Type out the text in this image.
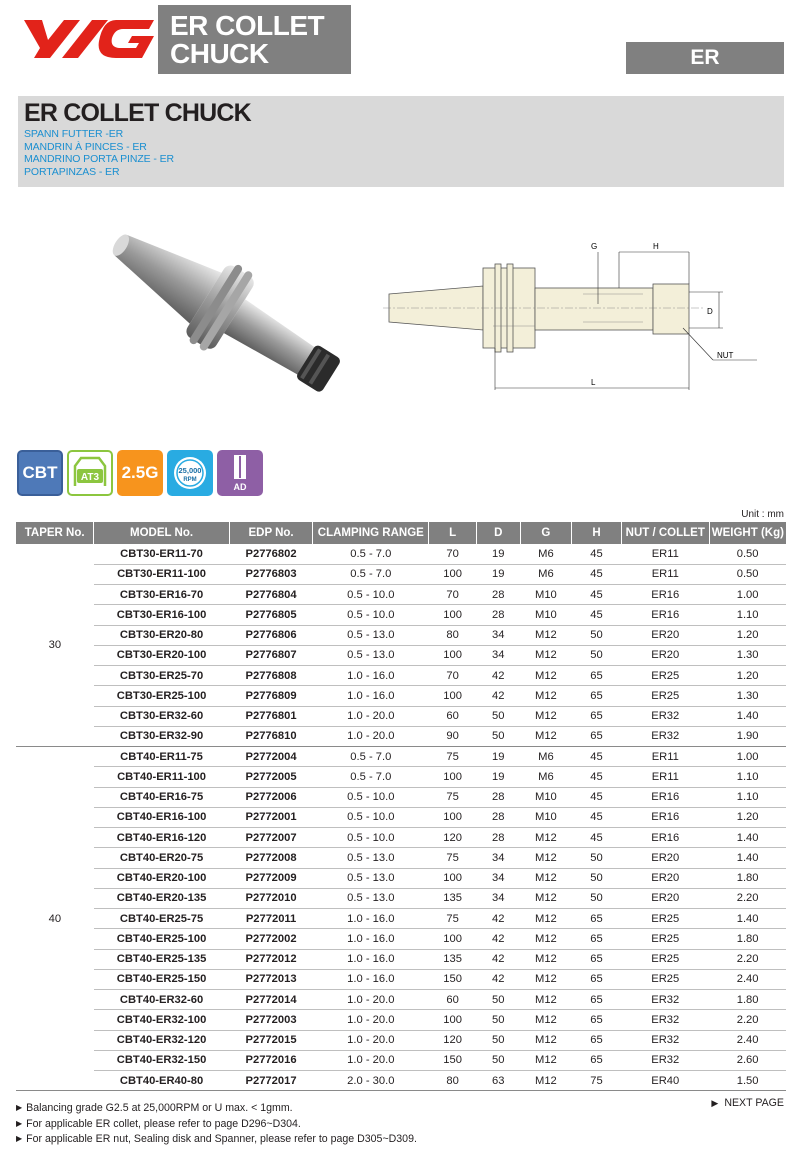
ER COLLET
CHUCK	ER
ER COLLET CHUCK
SPANN FUTTER -ER
MANDRIN À PINCES - ER
MANDRINO PORTA PINZE - ER
PORTAPINZAS - ER
G	H
D
L
NUT
CBT AT3 2.5G	25,000
RPM
AD
Unit : mm
TAPER No.	MODEL No.	EDP No.	CLAMPING RANGE	L	D	G	H	NUT / COLLET	WEIGHT (Kg)
30	CBT30-ER11-70	P2776802	0.5 - 7.0	70	19	M6	45	ER11	0.50
	CBT30-ER11-100	P2776803	0.5 - 7.0	100	19	M6	45	ER11	0.50
	CBT30-ER16-70	P2776804	0.5 - 10.0	70	28	M10	45	ER16	1.00
	CBT30-ER16-100	P2776805	0.5 - 10.0	100	28	M10	45	ER16	1.10
	CBT30-ER20-80	P2776806	0.5 - 13.0	80	34	M12	50	ER20	1.20
	CBT30-ER20-100	P2776807	0.5 - 13.0	100	34	M12	50	ER20	1.30
	CBT30-ER25-70	P2776808	1.0 - 16.0	70	42	M12	65	ER25	1.20
	CBT30-ER25-100	P2776809	1.0 - 16.0	100	42	M12	65	ER25	1.30
	CBT30-ER32-60	P2776801	1.0 - 20.0	60	50	M12	65	ER32	1.40
	CBT30-ER32-90	P2776810	1.0 - 20.0	90	50	M12	65	ER32	1.90
40	CBT40-ER11-75	P2772004	0.5 - 7.0	75	19	M6	45	ER11	1.00
	CBT40-ER11-100	P2772005	0.5 - 7.0	100	19	M6	45	ER11	1.10
	CBT40-ER16-75	P2772006	0.5 - 10.0	75	28	M10	45	ER16	1.10
	CBT40-ER16-100	P2772001	0.5 - 10.0	100	28	M10	45	ER16	1.20
	CBT40-ER16-120	P2772007	0.5 - 10.0	120	28	M12	45	ER16	1.40
	CBT40-ER20-75	P2772008	0.5 - 13.0	75	34	M12	50	ER20	1.40
	CBT40-ER20-100	P2772009	0.5 - 13.0	100	34	M12	50	ER20	1.80
	CBT40-ER20-135	P2772010	0.5 - 13.0	135	34	M12	50	ER20	2.20
	CBT40-ER25-75	P2772011	1.0 - 16.0	75	42	M12	65	ER25	1.40
	CBT40-ER25-100	P2772002	1.0 - 16.0	100	42	M12	65	ER25	1.80
	CBT40-ER25-135	P2772012	1.0 - 16.0	135	42	M12	65	ER25	2.20
	CBT40-ER25-150	P2772013	1.0 - 16.0	150	42	M12	65	ER25	2.40
	CBT40-ER32-60	P2772014	1.0 - 20.0	60	50	M12	65	ER32	1.80
	CBT40-ER32-100	P2772003	1.0 - 20.0	100	50	M12	65	ER32	2.20
	CBT40-ER32-120	P2772015	1.0 - 20.0	120	50	M12	65	ER32	2.40
	CBT40-ER32-150	P2772016	1.0 - 20.0	150	50	M12	65	ER32	2.60
	CBT40-ER40-80	P2772017	2.0 - 30.0	80	63	M12	75	ER40	1.50
▶ Balancing grade G2.5 at 25,000RPM or U max. < 1gmm.
▶ For applicable ER collet, please refer to page D296~D304.
▶ For applicable ER nut, Sealing disk and Spanner, please refer to page D305~D309.
▶ NEXT PAGE
